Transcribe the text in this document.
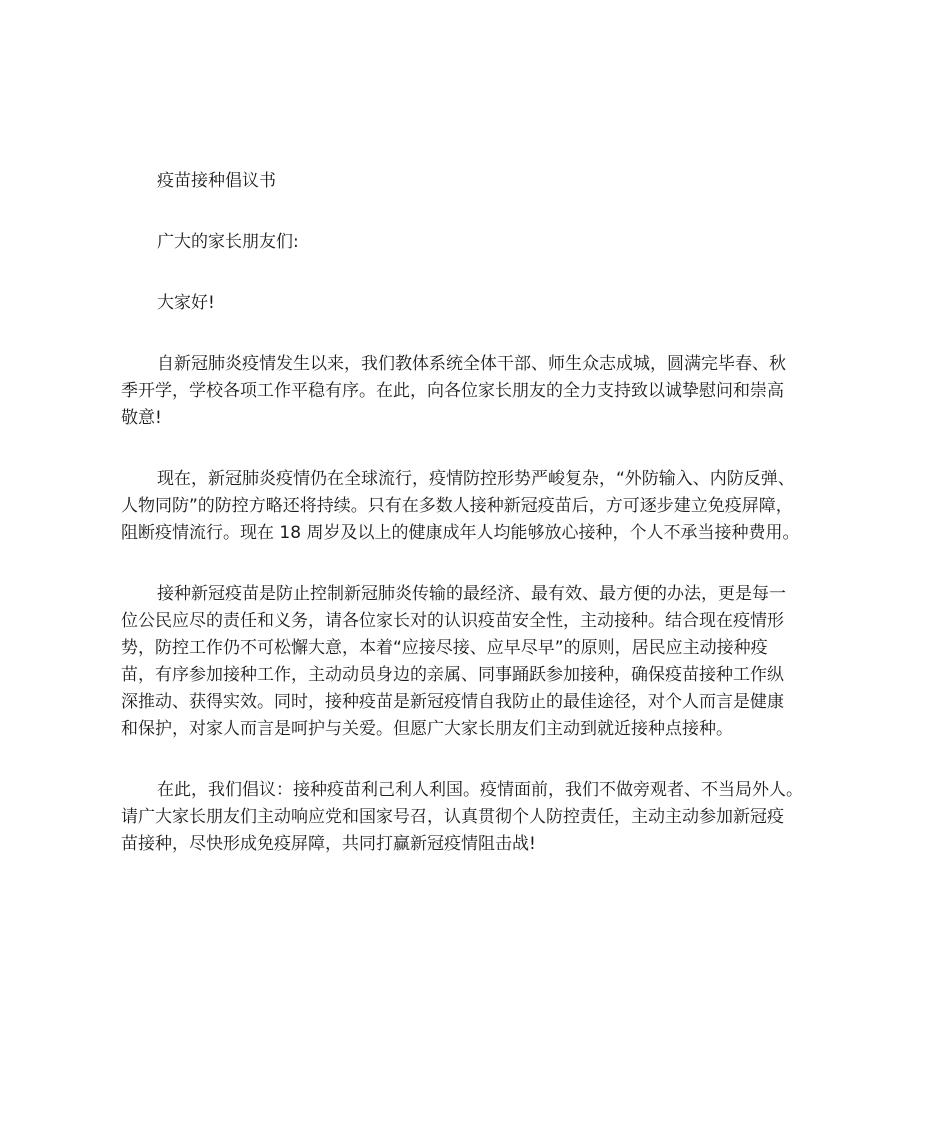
疫苗接种倡议书

广大的家长朋友们:

大家好!

自新冠肺炎疫情发生以来，我们教体系统全体干部、师生众志成城，圆满完毕春、秋

季开学，学校各项工作平稳有序。在此，向各位家长朋友的全力支持致以诚挚慰问和崇高

敬意!

现在，新冠肺炎疫情仍在全球流行，疫情防控形势严峻复杂，“外防输入、内防反弹、

人物同防”的防控方略还将持续。只有在多数人接种新冠疫苗后，方可逐步建立免疫屏障，

阻断疫情流行。现在 18 周岁及以上的健康成年人均能够放心接种，个人不承当接种费用。

接种新冠疫苗是防止控制新冠肺炎传输的最经济、最有效、最方便的办法，更是每一

位公民应尽的责任和义务，请各位家长对的认识疫苗安全性，主动接种。结合现在疫情形

势，防控工作仍不可松懈大意，本着“应接尽接、应早尽早”的原则，居民应主动接种疫

苗，有序参加接种工作，主动动员身边的亲属、同事踊跃参加接种，确保疫苗接种工作纵

深推动、获得实效。同时，接种疫苗是新冠疫情自我防止的最佳途径，对个人而言是健康

和保护，对家人而言是呵护与关爱。但愿广大家长朋友们主动到就近接种点接种。

在此，我们倡议：接种疫苗利己利人利国。疫情面前，我们不做旁观者、不当局外人。

请广大家长朋友们主动响应党和国家号召，认真贯彻个人防控责任，主动主动参加新冠疫

苗接种，尽快形成免疫屏障，共同打赢新冠疫情阻击战!
